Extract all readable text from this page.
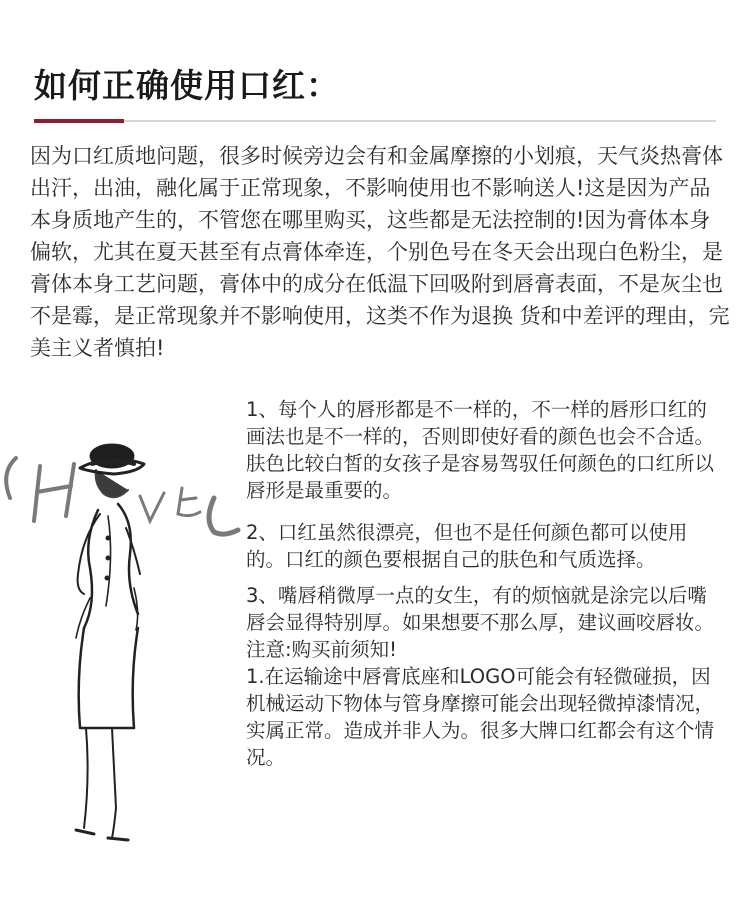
如何正确使用口红：

因为口红质地问题，很多时候旁边会有和金属摩擦的小划痕，天气炎热膏体出汗，出油，融化属于正常现象，不影响使用也不影响送人!这是因为产品本身质地产生的，不管您在哪里购买，这些都是无法控制的!因为膏体本身偏软，尤其在夏天甚至有点膏体牵连，个别色号在冬天会出现白色粉尘，是膏体本身工艺问题，膏体中的成分在低温下回吸附到唇膏表面，不是灰尘也不是霉，是正常现象并不影响使用，这类不作为退换 货和中差评的理由，完美主义者慎拍!

1、每个人的唇形都是不一样的，不一样的唇形口红的画法也是不一样的，否则即使好看的颜色也会不合适。肤色比较白皙的女孩子是容易驾驭任何颜色的口红所以唇形是最重要的。

2、口红虽然很漂亮，但也不是任何颜色都可以使用的。口红的颜色要根据自己的肤色和气质选择。

3、嘴唇稍微厚一点的女生，有的烦恼就是涂完以后嘴唇会显得特别厚。如果想要不那么厚，建议画咬唇妆。

注意:购买前须知!

1.在运输途中唇膏底座和LOGO可能会有轻微碰损，因机械运动下物体与管身摩擦可能会出现轻微掉漆情况，实属正常。造成并非人为。很多大牌口红都会有这个情况。
